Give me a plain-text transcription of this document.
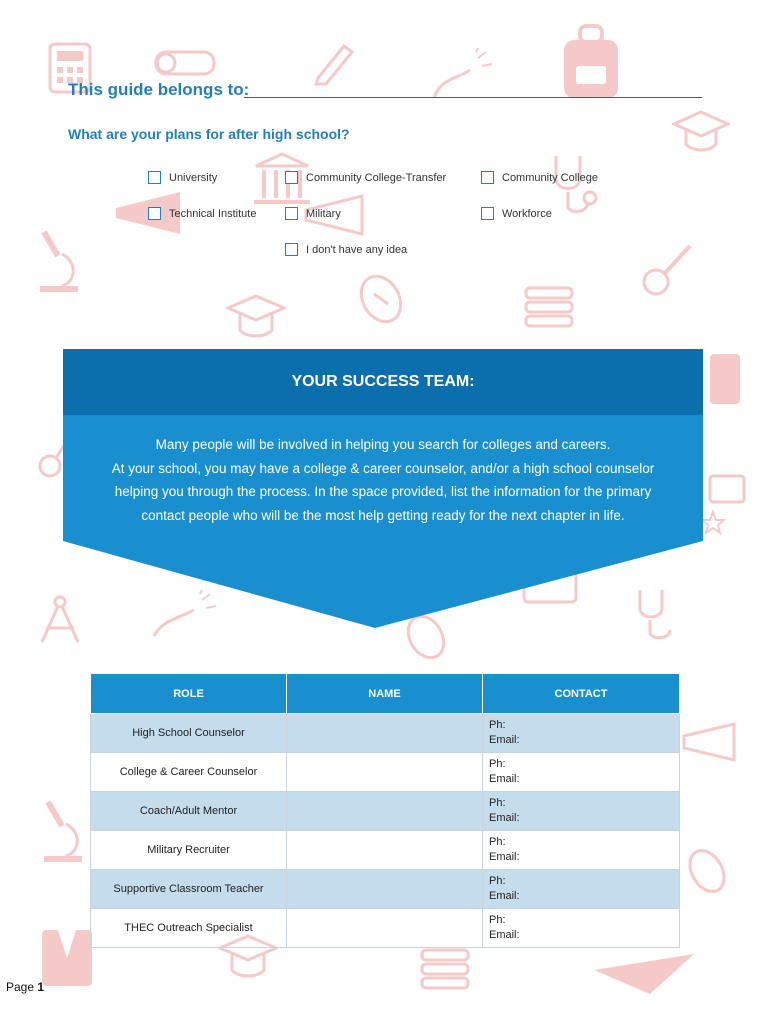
This guide belongs to:
What are your plans for after high school?
University	Community College-Transfer	Community College
Technical Institute	Military	Workforce
I don't have any idea
YOUR SUCCESS TEAM:
Many people will be involved in helping you search for colleges and careers.
At your school, you may have a college & career counselor, and/or a high school counselor
helping you through the process. In the space provided, list the information for the primary
contact people who will be the most help getting ready for the next chapter in life.
ROLE	NAME	CONTACT
High School Counselor		Ph:
Email:

College & Career Counselor		Ph:
Email:

Coach/Adult Mentor		Ph:
Email:

Military Recruiter		Ph:
Email:

Supportive Classroom Teacher		Ph:
Email:

THEC Outreach Specialist		Ph:
Email:
Page 1
